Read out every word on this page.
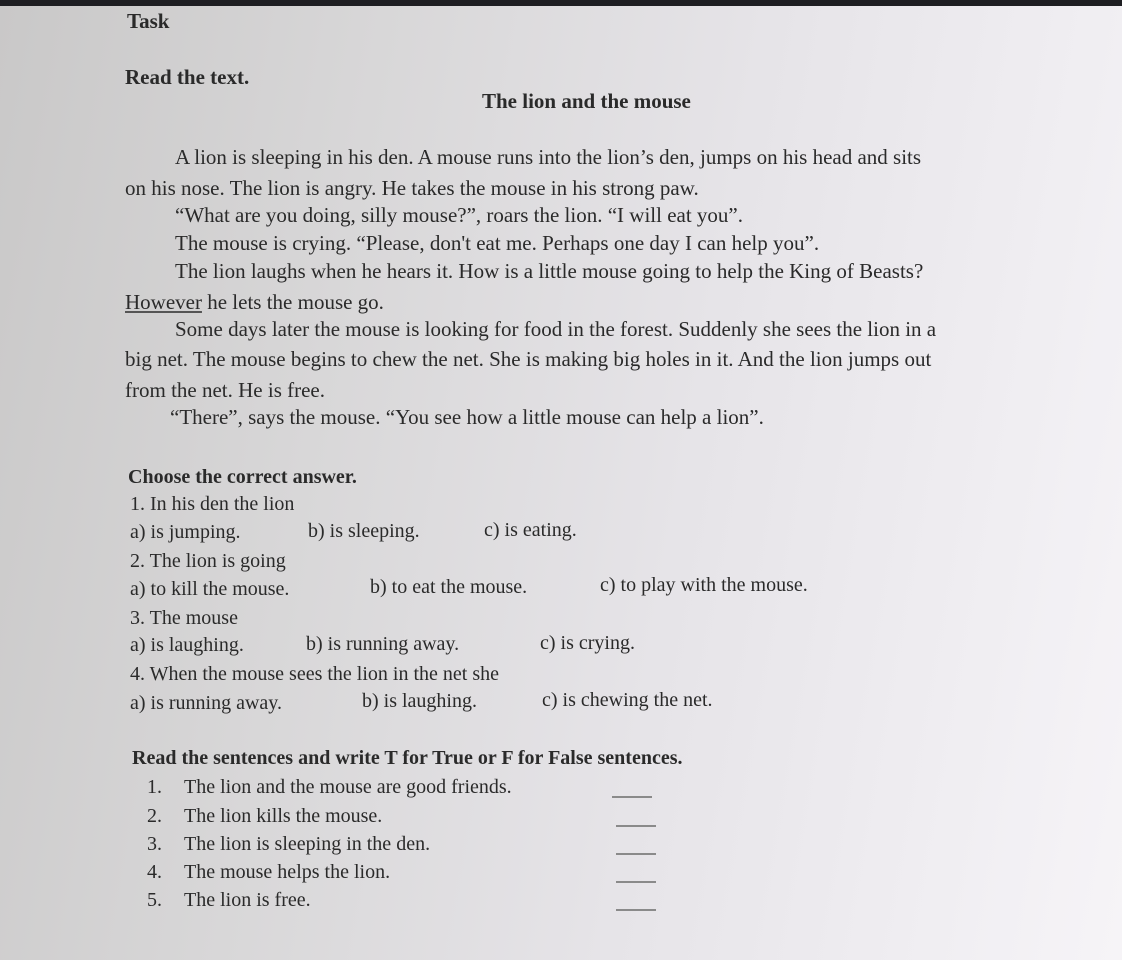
Task
Read the text.
The lion and the mouse
A lion is sleeping in his den. A mouse runs into the lion’s den, jumps on his head and sits
on his nose. The lion is angry. He takes the mouse in his strong paw.
“What are you doing, silly mouse?”, roars the lion. “I will eat you”.
The mouse is crying. “Please, don't eat me. Perhaps one day I can help you”.
The lion laughs when he hears it. How is a little mouse going to help the King of Beasts?
However he lets the mouse go.
Some days later the mouse is looking for food in the forest. Suddenly she sees the lion in a
big net. The mouse begins to chew the net. She is making big holes in it. And the lion jumps out
from the net. He is free.
“There”, says the mouse. “You see how a little mouse can help a lion”.
Choose the correct answer.
1. In his den the lion
a) is jumping.	b) is sleeping.	c) is eating.
2. The lion is going
a) to kill the mouse.	b) to eat the mouse.	c) to play with the mouse.
3. The mouse
a) is laughing.	b) is running away.	c) is crying.
4. When the mouse sees the lion in the net she
a) is running away.	b) is laughing.	c) is chewing the net.
Read the sentences and write T for True or F for False sentences.
1. The lion and the mouse are good friends.
2. The lion kills the mouse.
3. The lion is sleeping in the den.
4. The mouse helps the lion.
5. The lion is free.
